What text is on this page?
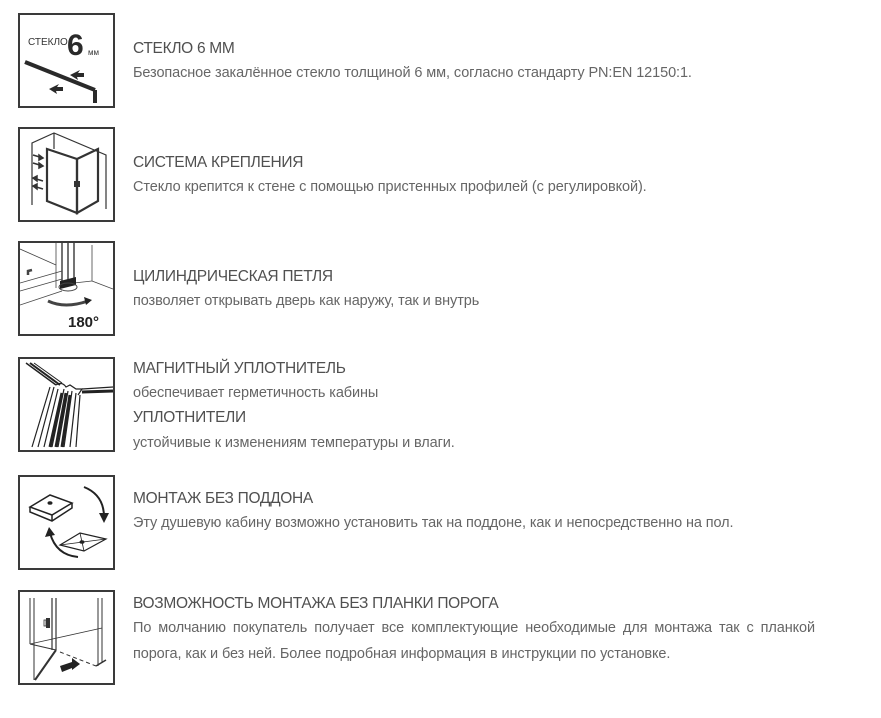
СТЕКЛО 6 мм СТЕКЛО 6 ММ

Безопасное закалённое стекло толщиной 6 мм, согласно стандарту PN:EN 12150:1.

СИСТЕМА КРЕПЛЕНИЯ

Стекло крепится к стене с помощью пристенных профилей (с регулировкой).

180°

ЦИЛИНДРИЧЕСКАЯ ПЕТЛЯ

позволяет открывать дверь как наружу, так и внутрь

МАГНИТНЫЙ УПЛОТНИТЕЛЬ

обеспечивает герметичность кабины

УПЛОТНИТЕЛИ

устойчивые к изменениям температуры и влаги.

МОНТАЖ БЕЗ ПОДДОНА

Эту душевую кабину возможно установить так на поддоне, как и непосредственно на пол.

ВОЗМОЖНОСТЬ МОНТАЖА БЕЗ ПЛАНКИ ПОРОГА

По молчанию покупатель получает все комплектующие необходимые для монтажа так с планкой порога, как и без ней. Более подробная информация в инструкции по установке.
